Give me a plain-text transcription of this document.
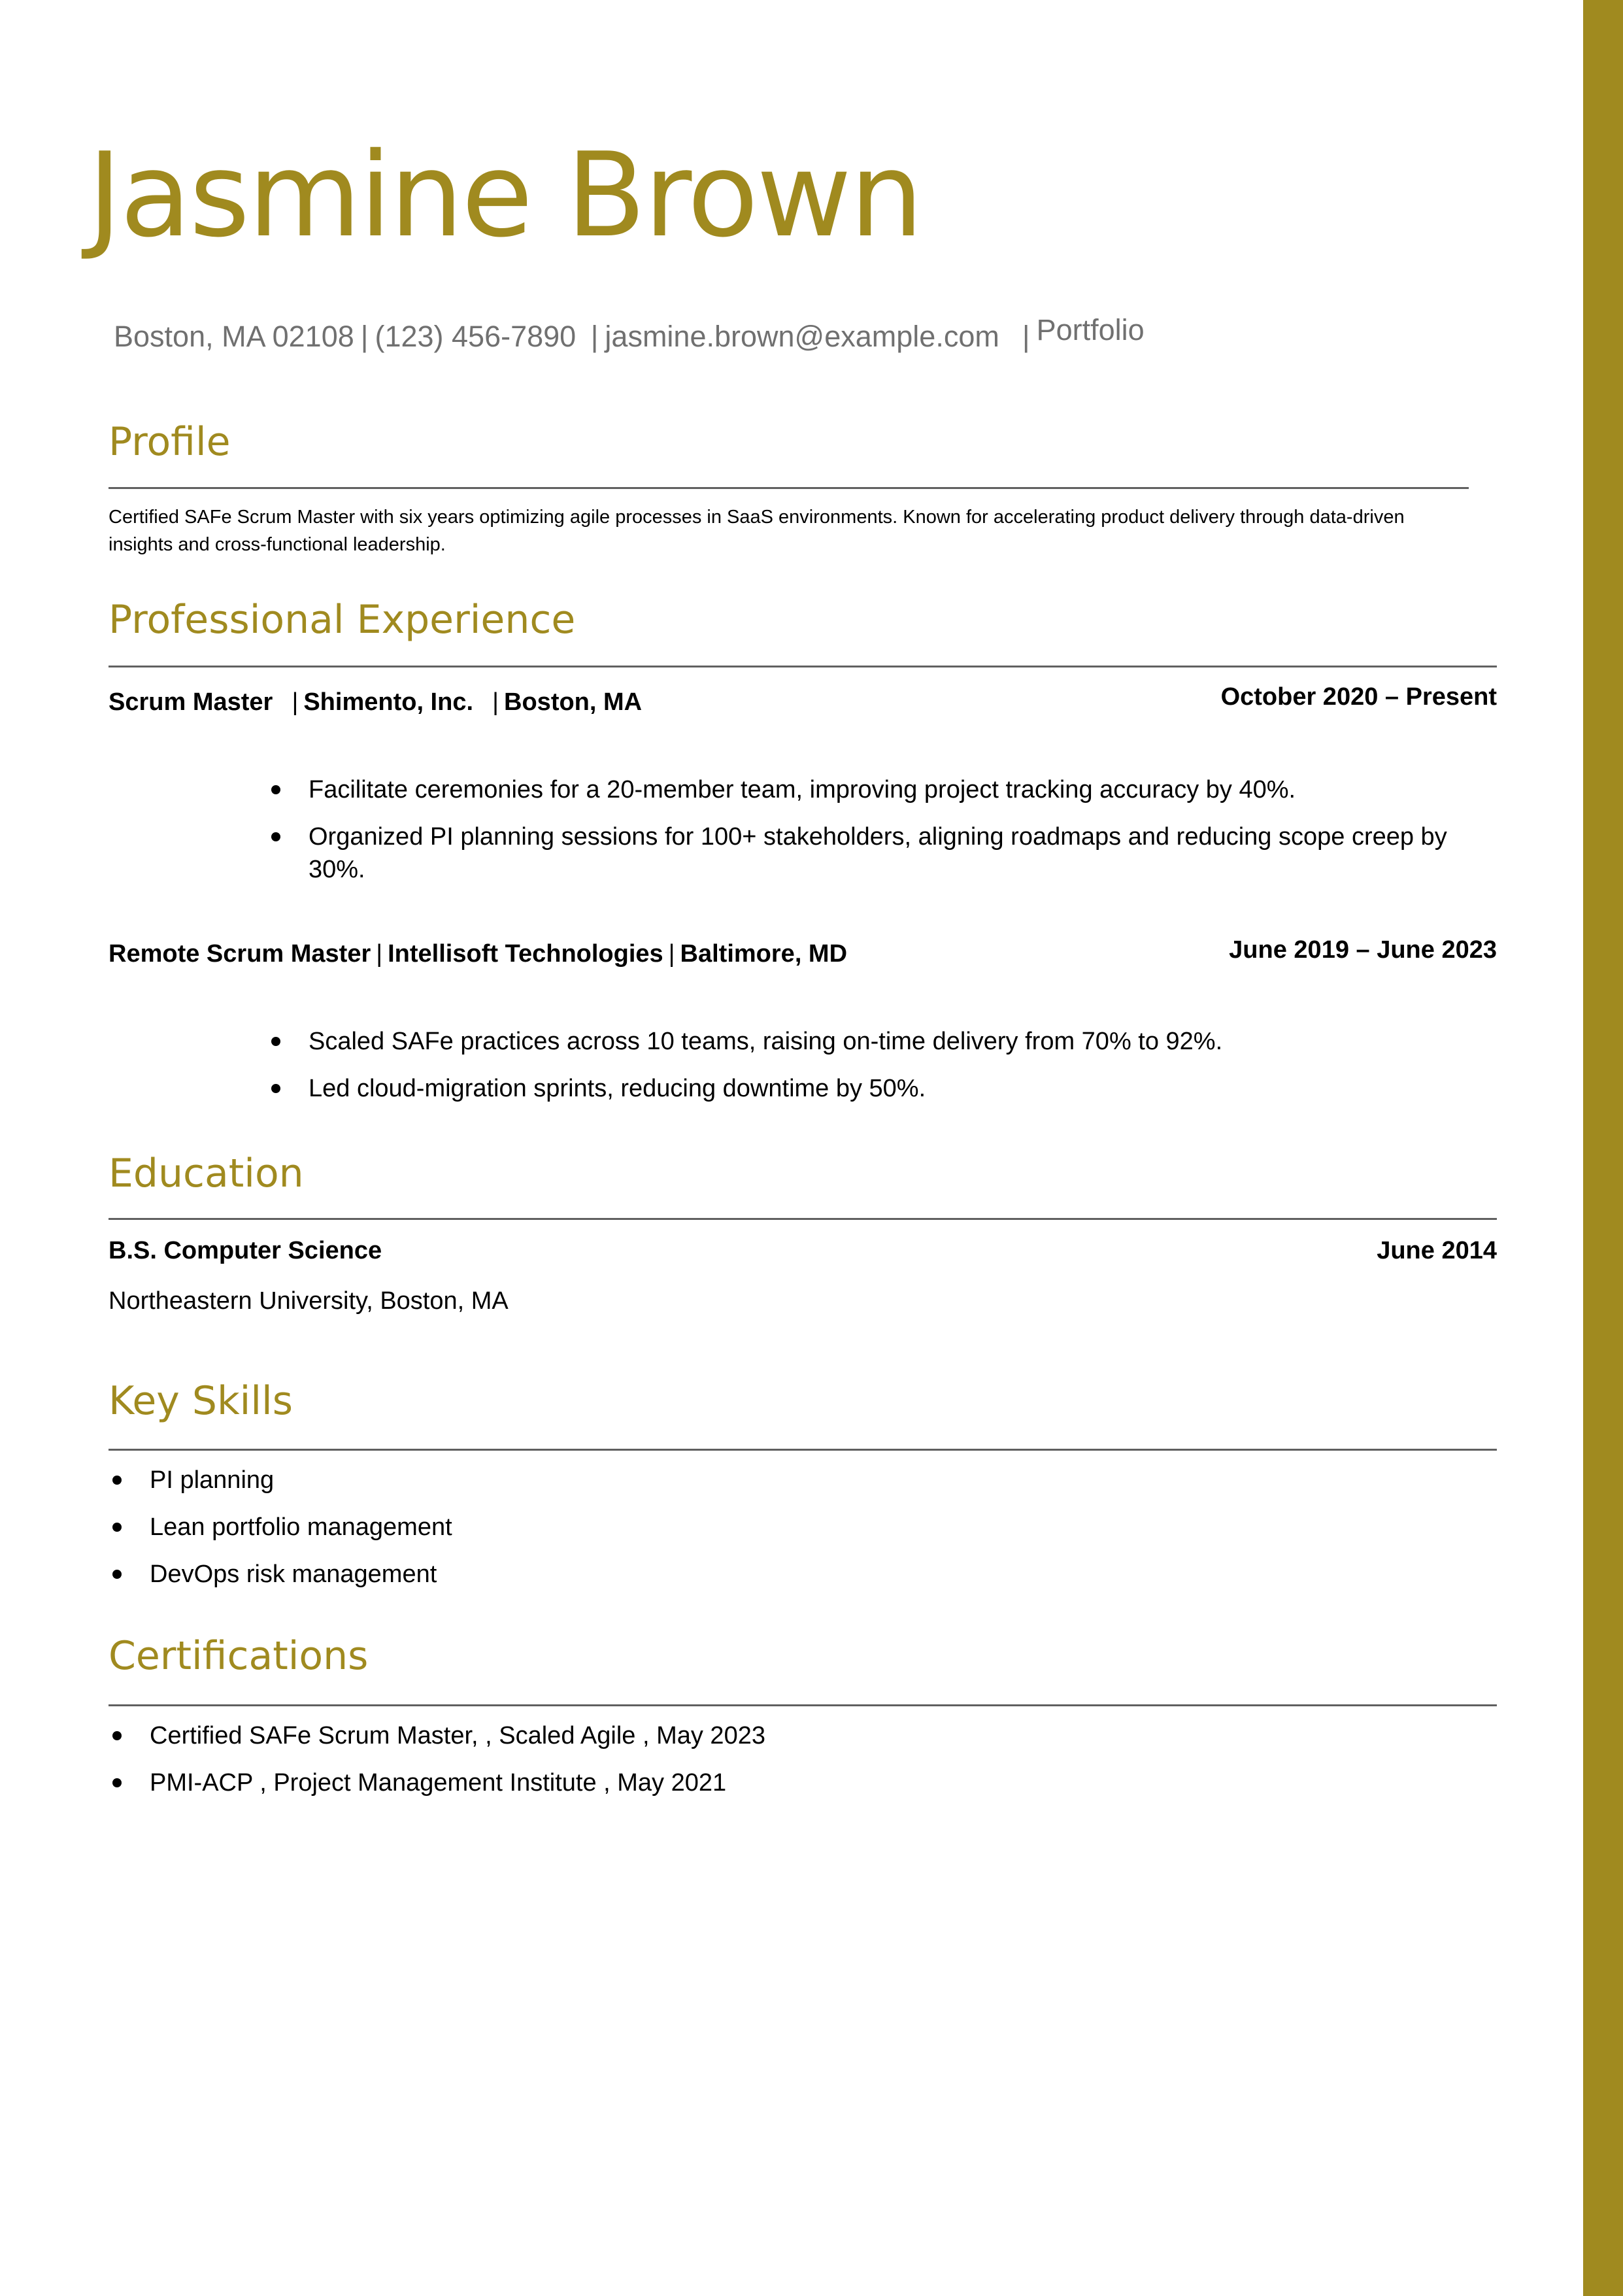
Jasmine Brown
Boston, MA 02108 | (123) 456-7890 | jasmine.brown@example.com | Portfolio
Profile

Certified SAFe Scrum Master with six years optimizing agile processes in SaaS environments. Known for accelerating product delivery through data-driven insights and cross-functional leadership.

Professional Experience
Scrum Master | Shimento, Inc. | Boston, MA	October 2020 – Present
Facilitate ceremonies for a 20-member team, improving project tracking accuracy by 40%.
Organized PI planning sessions for 100+ stakeholders, aligning roadmaps and reducing scope creep by 30%.
Remote Scrum Master | Intellisoft Technologies | Baltimore, MD	June 2019 – June 2023
Scaled SAFe practices across 10 teams, raising on-time delivery from 70% to 92%.
Led cloud-migration sprints, reducing downtime by 50%.
Education
B.S. Computer Science	June 2014
Northeastern University, Boston, MA
Key Skills
PI planning
Lean portfolio management
DevOps risk management
Certifications
Certified SAFe Scrum Master, , Scaled Agile , May 2023
PMI-ACP , Project Management Institute , May 2021
